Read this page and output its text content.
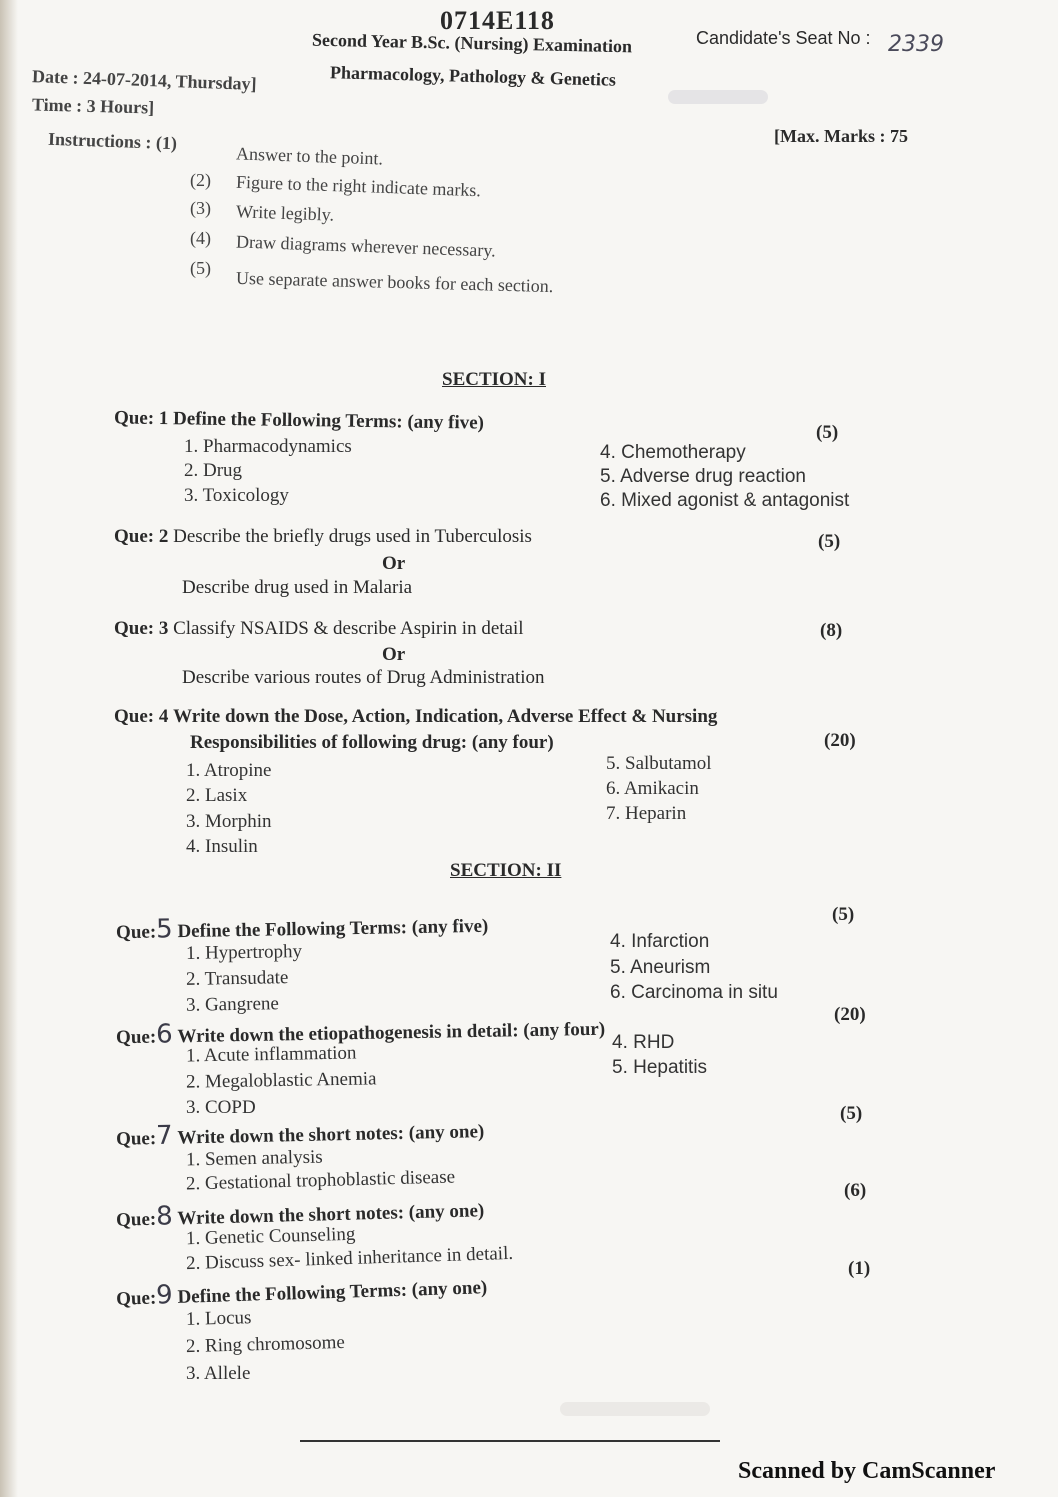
0714E118
Second Year B.Sc. (Nursing) Examination
Pharmacology, Pathology & Genetics
Candidate's Seat No : 2339
Date : 24-07-2014, Thursday]
Time : 3 Hours]
[Max. Marks : 75
Instructions : (1)
Answer to the point.
(2) Figure to the right indicate marks.
(3) Write legibly.
(4) Draw diagrams wherever necessary.
(5) Use separate answer books for each section.
SECTION: I
Que: 1 Define the Following Terms: (any five)	(5)
1. Pharmacodynamics
2. Drug
3. Toxicology
4. Chemotherapy
5. Adverse drug reaction
6. Mixed agonist & antagonist
Que: 2 Describe the briefly drugs used in Tuberculosis	(5)
Or
Describe drug used in Malaria
Que: 3 Classify NSAIDS & describe Aspirin in detail	(8)
Or
Describe various routes of Drug Administration
Que: 4 Write down the Dose, Action, Indication, Adverse Effect & Nursing
Responsibilities of following drug: (any four)	(20)
1. Atropine
2. Lasix
3. Morphin
4. Insulin
5. Salbutamol
6. Amikacin
7. Heparin
SECTION: II
Que:5 Define the Following Terms: (any five)
(5)
1. Hypertrophy
2. Transudate
3. Gangrene
4. Infarction
5. Aneurism
6. Carcinoma in situ
Que:6 Write down the etiopathogenesis in detail: (any four)
(20)
1. Acute inflammation
2. Megaloblastic Anemia
3. COPD
4. RHD
5. Hepatitis
Que:7 Write down the short notes: (any one)
(5)
1. Semen analysis
2. Gestational trophoblastic disease
Que:8 Write down the short notes: (any one)
(6)
1. Genetic Counseling
2. Discuss sex- linked inheritance in detail.
Que:9 Define the Following Terms: (any one)
(1)
1. Locus
2. Ring chromosome
3. Allele
Scanned by CamScanner
